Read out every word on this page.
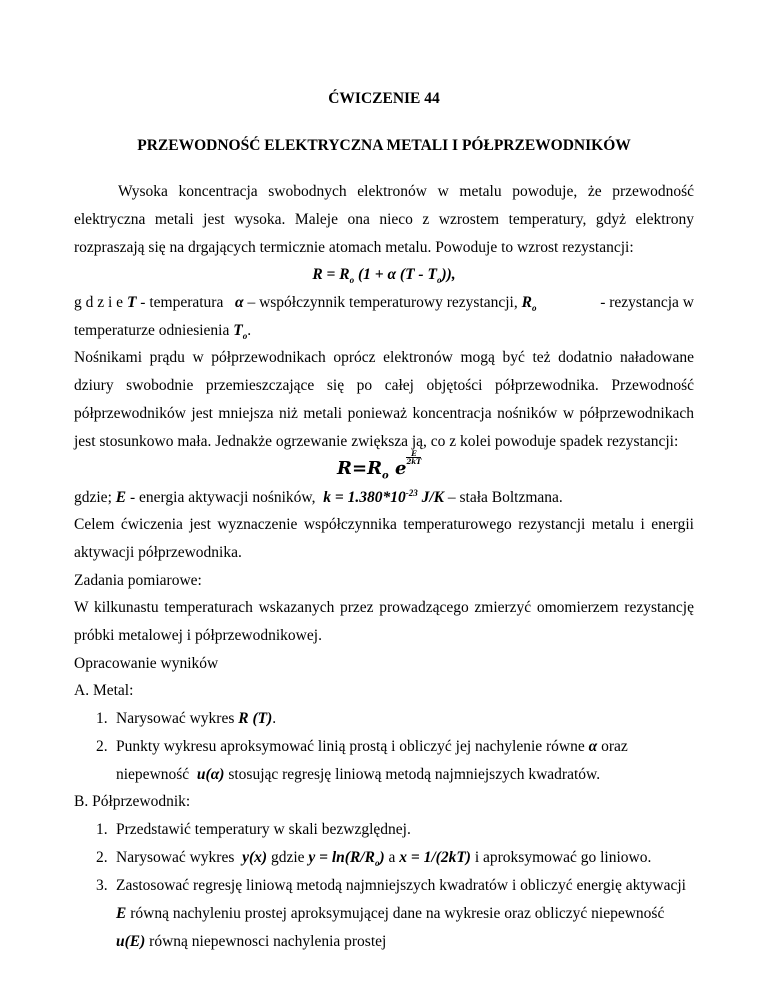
ĆWICZENIE 44
PRZEWODNOŚĆ ELEKTRYCZNA METALI I PÓŁPRZEWODNIKÓW
Wysoka koncentracja swobodnych elektronów w metalu powoduje, że przewodność
elektryczna metali jest wysoka. Maleje ona nieco z wzrostem temperatury, gdyż elektrony
rozpraszają się na drgających termicznie atomach metalu. Powoduje to wzrost rezystancji:
$R = R_o$ (1 + α $(T - T_o)$),
g d z i e T - temperatura α – współczynnik temperaturowy rezystancji, $R_o$	- rezystancja w
temperaturze odniesienia $T_o$.
Nośnikami prądu w półprzewodnikach oprócz elektronów mogą być też dodatnio naładowane
dziury swobodnie przemieszczające się po całej objętości półprzewodnika. Przewodność
półprzewodników jest mniejsza niż metali ponieważ koncentracja nośników w półprzewodnikach
jest stosunkowo mała. Jednakże ogrzewanie zwiększa ją, co z kolei powoduje spadek rezystancji:
$R=R_o$ e
$\frac{E}{2kT}$
gdzie; E - energia aktywacji nośników, $k = 1.380*10^{-23}$ J/K – stała Boltzmana.
Celem ćwiczenia jest wyznaczenie współczynnika temperaturowego rezystancji metalu i energii
aktywacji półprzewodnika.
Zadania pomiarowe:
W kilkunastu temperaturach wskazanych przez prowadzącego zmierzyć omomierzem rezystancję
próbki metalowej i półprzewodnikowej.
Opracowanie wyników
A. Metal:
1. Narysować wykres R (T).
2. Punkty wykresu aproksymować linią prostą i obliczyć jej nachylenie równe α oraz
niepewność u(α) stosując regresję liniową metodą najmniejszych kwadratów.
B. Półprzewodnik:
1. Przedstawić temperatury w skali bezwzględnej.
2. Narysować wykres y(x) gdzie $y = \ln(R/R_o)$ a x = 1/(2kT) i aproksymować go liniowo.
3. Zastosować regresję liniową metodą najmniejszych kwadratów i obliczyć energię aktywacji
E równą nachyleniu prostej aproksymującej dane na wykresie oraz obliczyć niepewność
u(E) równą niepewnosci nachylenia prostej
